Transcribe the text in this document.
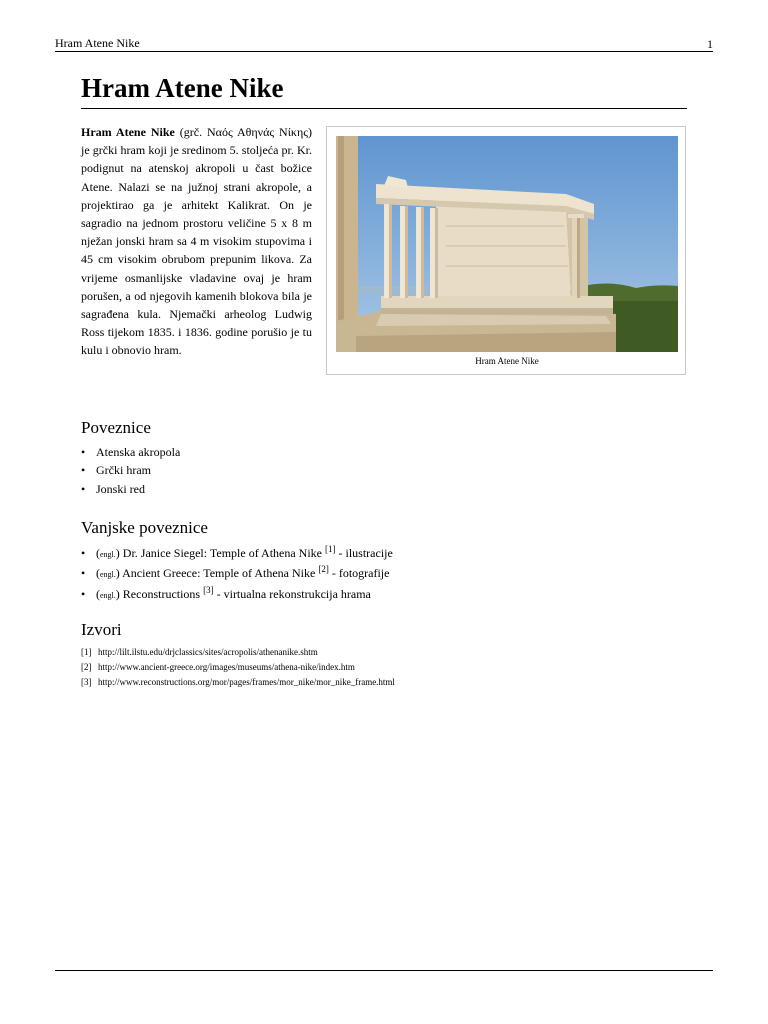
Hram Atene Nike	1
Hram Atene Nike

Hram Atene Nike (grč. Ναός Αθηνάς Νίκης) je grčki hram koji je sredinom 5. stoljeća pr. Kr. podignut na atenskoj akropoli u čast božice Atene. Nalazi se na južnoj strani akropole, a projektirao ga je arhitekt Kalikrat. On je sagradio na jednom prostoru veličine 5 x 8 m nježan jonski hram sa 4 m visokim stupovima i 45 cm visokim obrubom prepunim likova. Za vrijeme osmanlijske vladavine ovaj je hram porušen, a od njegovih kamenih blokova bila je sagrađena kula. Njemački arheolog Ludwig Ross tijekom 1835. i 1836. godine porušio je tu kulu i obnovio hram.

Hram Atene Nike
Poveznice
• Atenska akropola
• Grčki hram
• Jonski red
Vanjske poveznice
• (engl.) Dr. Janice Siegel: Temple of Athena Nike [1] - ilustracije
• (engl.) Ancient Greece: Temple of Athena Nike [2] - fotografije
• (engl.) Reconstructions [3] - virtualna rekonstrukcija hrama
Izvori
[1] http://lilt.ilstu.edu/drjclassics/sites/acropolis/athenanike.shtm
[2] http://www.ancient-greece.org/images/museums/athena-nike/index.htm
[3] http://www.reconstructions.org/mor/pages/frames/mor_nike/mor_nike_frame.html
